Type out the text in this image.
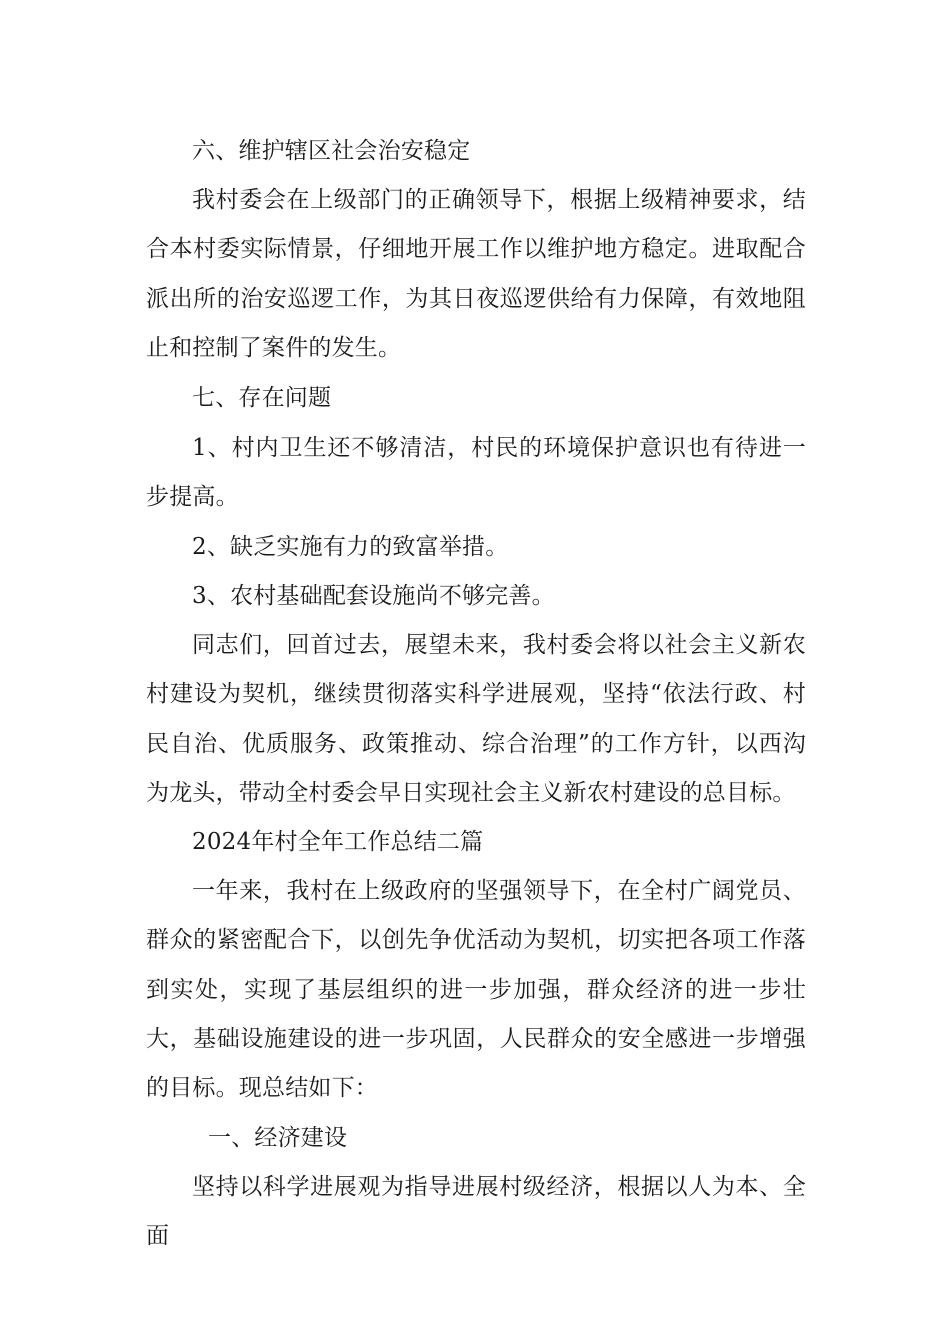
六、维护辖区社会治安稳定

我村委会在上级部门的正确领导下，根据上级精神要求，结合本村委实际情景，仔细地开展工作以维护地方稳定。进取配合派出所的治安巡逻工作，为其日夜巡逻供给有力保障，有效地阻止和控制了案件的发生。

七、存在问题

1、村内卫生还不够清洁，村民的环境保护意识也有待进一步提高。

2、缺乏实施有力的致富举措。

3、农村基础配套设施尚不够完善。

同志们，回首过去，展望未来，我村委会将以社会主义新农村建设为契机，继续贯彻落实科学进展观，坚持“依法行政、村民自治、优质服务、政策推动、综合治理”的工作方针，以西沟为龙头，带动全村委会早日实现社会主义新农村建设的总目标。

2024年村全年工作总结二篇

一年来，我村在上级政府的坚强领导下，在全村广阔党员、群众的紧密配合下，以创先争优活动为契机，切实把各项工作落到实处，实现了基层组织的进一步加强，群众经济的进一步壮大，基础设施建设的进一步巩固，人民群众的安全感进一步增强的目标。现总结如下：

一、经济建设

坚持以科学进展观为指导进展村级经济，根据以人为本、全面
